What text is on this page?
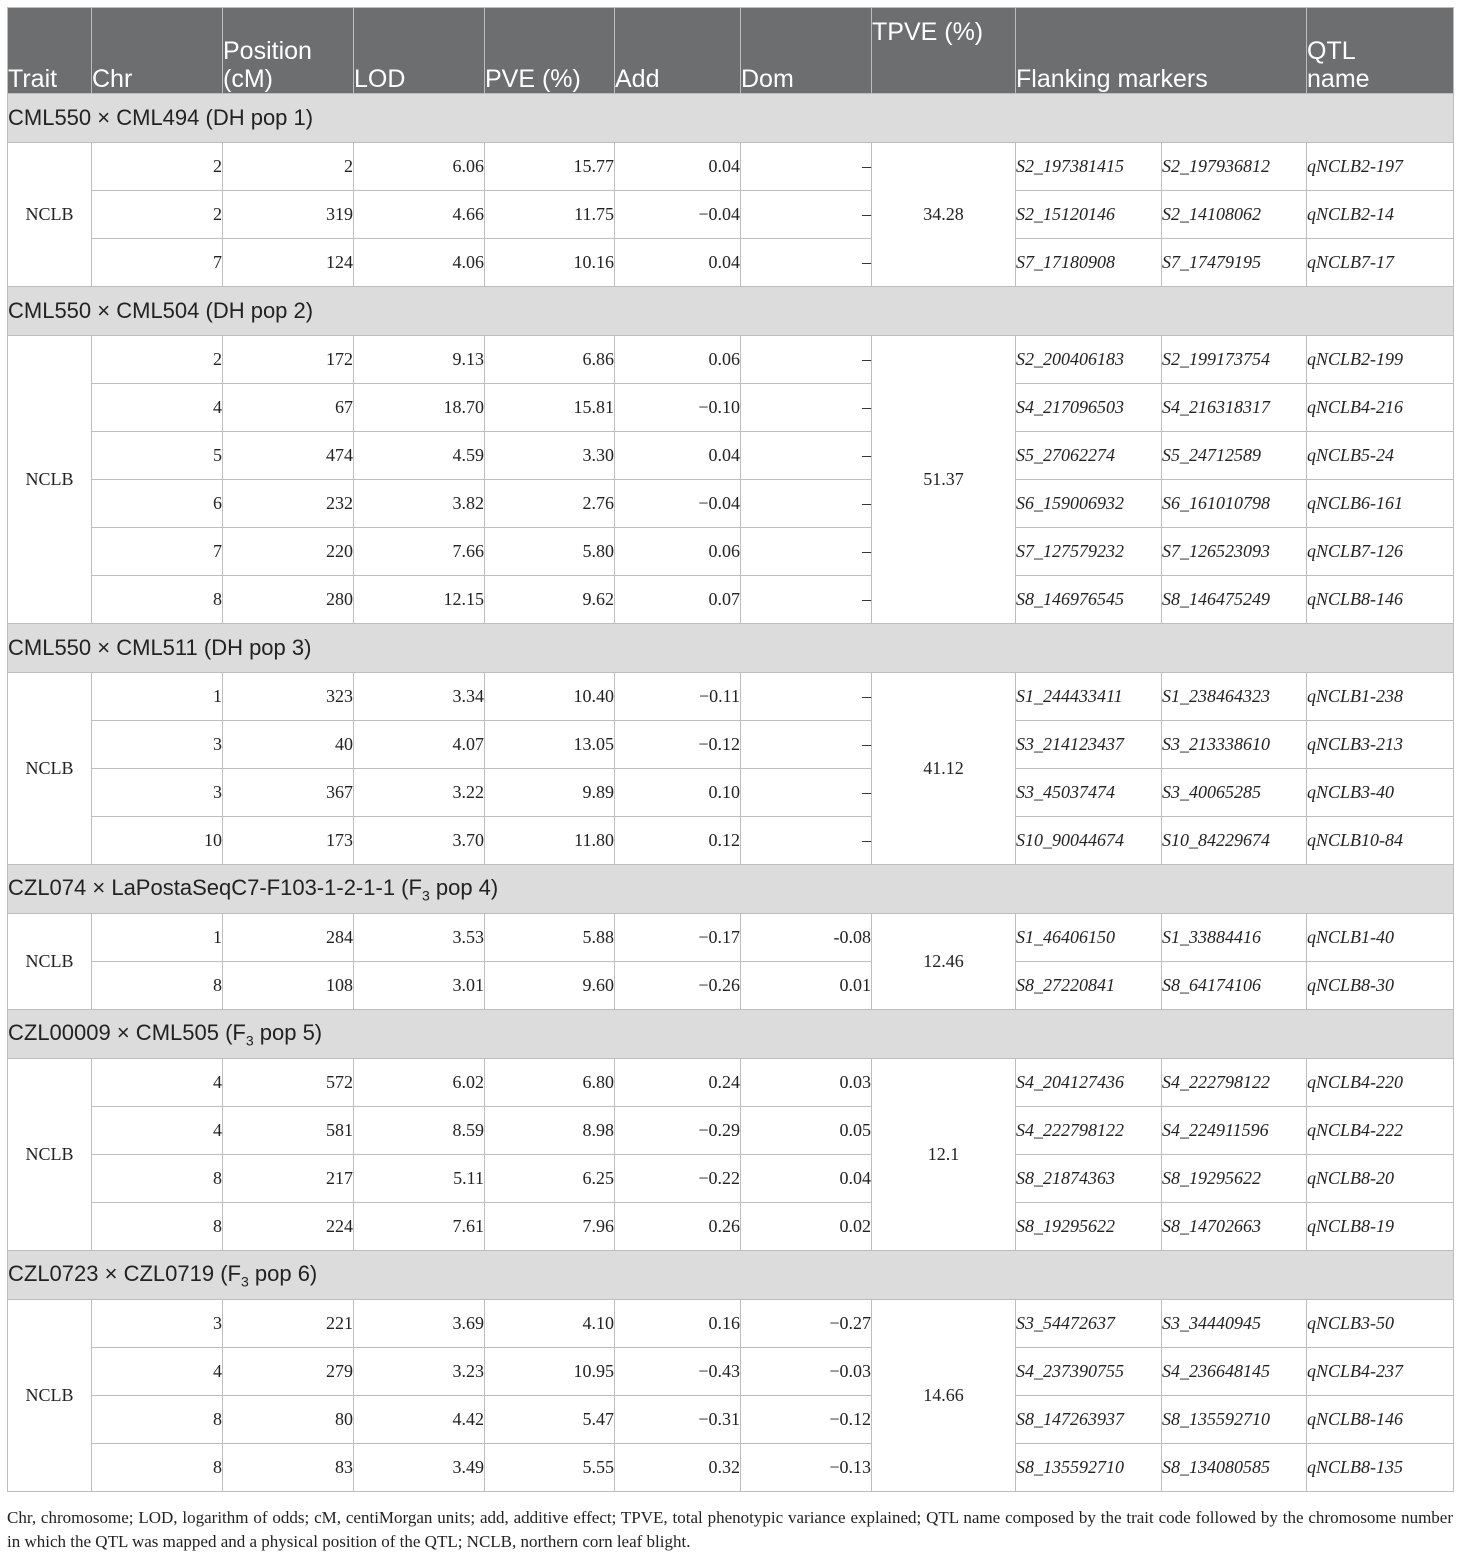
Trait	Chr	Position
(cM)	LOD	PVE (%)	Add	Dom	TPVE (%)	Flanking markers		QTL
name
CML550 × CML494 (DH pop 1)										
NCLB	2	2	6.06	15.77	0.04	–	34.28	S2_197381415	S2_197936812	qNCLB2-197
	2	319	4.66	11.75	−0.04	–		S2_15120146	S2_14108062	qNCLB2-14
	7	124	4.06	10.16	0.04	–		S7_17180908	S7_17479195	qNCLB7-17
CML550 × CML504 (DH pop 2)										
NCLB	2	172	9.13	6.86	0.06	–	51.37	S2_200406183	S2_199173754	qNCLB2-199
	4	67	18.70	15.81	−0.10	–		S4_217096503	S4_216318317	qNCLB4-216
	5	474	4.59	3.30	0.04	–		S5_27062274	S5_24712589	qNCLB5-24
	6	232	3.82	2.76	−0.04	–		S6_159006932	S6_161010798	qNCLB6-161
	7	220	7.66	5.80	0.06	–		S7_127579232	S7_126523093	qNCLB7-126
	8	280	12.15	9.62	0.07	–		S8_146976545	S8_146475249	qNCLB8-146
CML550 × CML511 (DH pop 3)										
NCLB	1	323	3.34	10.40	−0.11	–	41.12	S1_244433411	S1_238464323	qNCLB1-238
	3	40	4.07	13.05	−0.12	–		S3_214123437	S3_213338610	qNCLB3-213
	3	367	3.22	9.89	0.10	–		S3_45037474	S3_40065285	qNCLB3-40
	10	173	3.70	11.80	0.12	–		S10_90044674	S10_84229674	qNCLB10-84
CZL074 × LaPostaSeqC7-F103-1-2-1-1 ($F_3$ pop 4)										
NCLB	1	284	3.53	5.88	−0.17	-0.08	12.46	S1_46406150	S1_33884416	qNCLB1-40
	8	108	3.01	9.60	−0.26	0.01		S8_27220841	S8_64174106	qNCLB8-30
CZL00009 × CML505 ($F_3$ pop 5)										
NCLB	4	572	6.02	6.80	0.24	0.03	12.1	S4_204127436	S4_222798122	qNCLB4-220
	4	581	8.59	8.98	−0.29	0.05		S4_222798122	S4_224911596	qNCLB4-222
	8	217	5.11	6.25	−0.22	0.04		S8_21874363	S8_19295622	qNCLB8-20
	8	224	7.61	7.96	0.26	0.02		S8_19295622	S8_14702663	qNCLB8-19
CZL0723 × CZL0719 ($F_3$ pop 6)										
NCLB	3	221	3.69	4.10	0.16	−0.27	14.66	S3_54472637	S3_34440945	qNCLB3-50
	4	279	3.23	10.95	−0.43	−0.03		S4_237390755	S4_236648145	qNCLB4-237
	8	80	4.42	5.47	−0.31	−0.12		S8_147263937	S8_135592710	qNCLB8-146
	8	83	3.49	5.55	0.32	−0.13		S8_135592710	S8_134080585	qNCLB8-135

Chr, chromosome; LOD, logarithm of odds; cM, centiMorgan units; add, additive effect; TPVE, total phenotypic variance explained; QTL name composed by the trait code followed by the chromosome number in which the QTL was mapped and a physical position of the QTL; NCLB, northern corn leaf blight.
